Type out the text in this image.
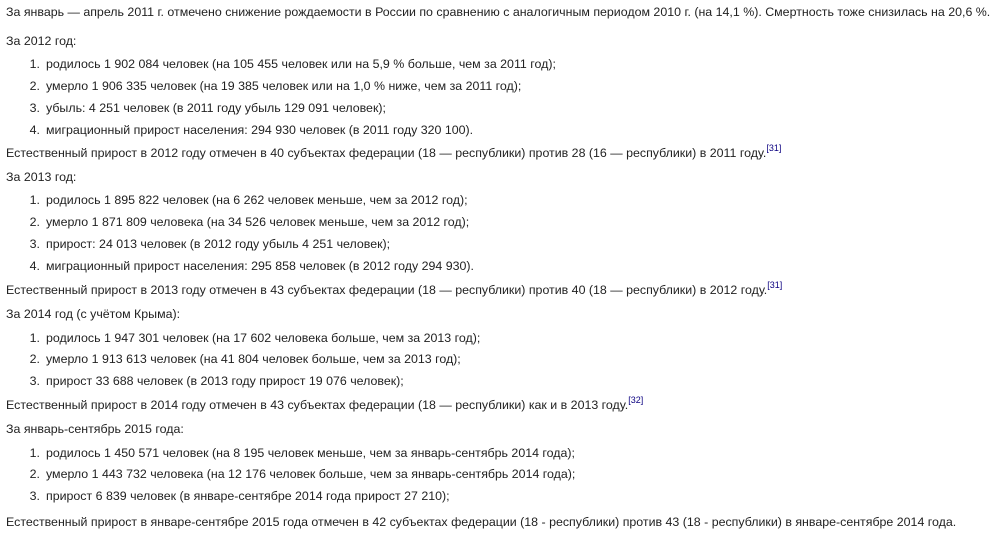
За январь — апрель 2011 г. отмечено снижение рождаемости в России по сравнению с аналогичным периодом 2010 г. (на 14,1 %). Смертность тоже снизилась на 20,6 %.
За 2012 год:
1. родилось 1 902 084 человек (на 105 455 человек или на 5,9 % больше, чем за 2011 год);
2. умерло 1 906 335 человек (на 19 385 человек или на 1,0 % ниже, чем за 2011 год);
3. убыль: 4 251 человек (в 2011 году убыль 129 091 человек);
4. миграционный прирост населения: 294 930 человек (в 2011 году 320 100).
Естественный прирост в 2012 году отмечен в 40 субъектах федерации (18 — республики) против 28 (16 — республики) в 2011 году.[31]
За 2013 год:
1. родилось 1 895 822 человек (на 6 262 человек меньше, чем за 2012 год);
2. умерло 1 871 809 человека (на 34 526 человек меньше, чем за 2012 год);
3. прирост: 24 013 человек (в 2012 году убыль 4 251 человек);
4. миграционный прирост населения: 295 858 человек (в 2012 году 294 930).
Естественный прирост в 2013 году отмечен в 43 субъектах федерации (18 — республики) против 40 (18 — республики) в 2012 году.[31]
За 2014 год (с учётом Крыма):
1. родилось 1 947 301 человек (на 17 602 человека больше, чем за 2013 год);
2. умерло 1 913 613 человек (на 41 804 человек больше, чем за 2013 год);
3. прирост 33 688 человек (в 2013 году прирост 19 076 человек);
Естественный прирост в 2014 году отмечен в 43 субъектах федерации (18 — республики) как и в 2013 году.[32]
За январь-сентябрь 2015 года:
1. родилось 1 450 571 человек (на 8 195 человек меньше, чем за январь-сентябрь 2014 года);
2. умерло 1 443 732 человека (на 12 176 человек больше, чем за январь-сентябрь 2014 года);
3. прирост 6 839 человек (в январе-сентябре 2014 года прирост 27 210);
Естественный прирост в январе-сентябре 2015 года отмечен в 42 субъектах федерации (18 - республики) против 43 (18 - республики) в январе-сентябре 2014 года.
